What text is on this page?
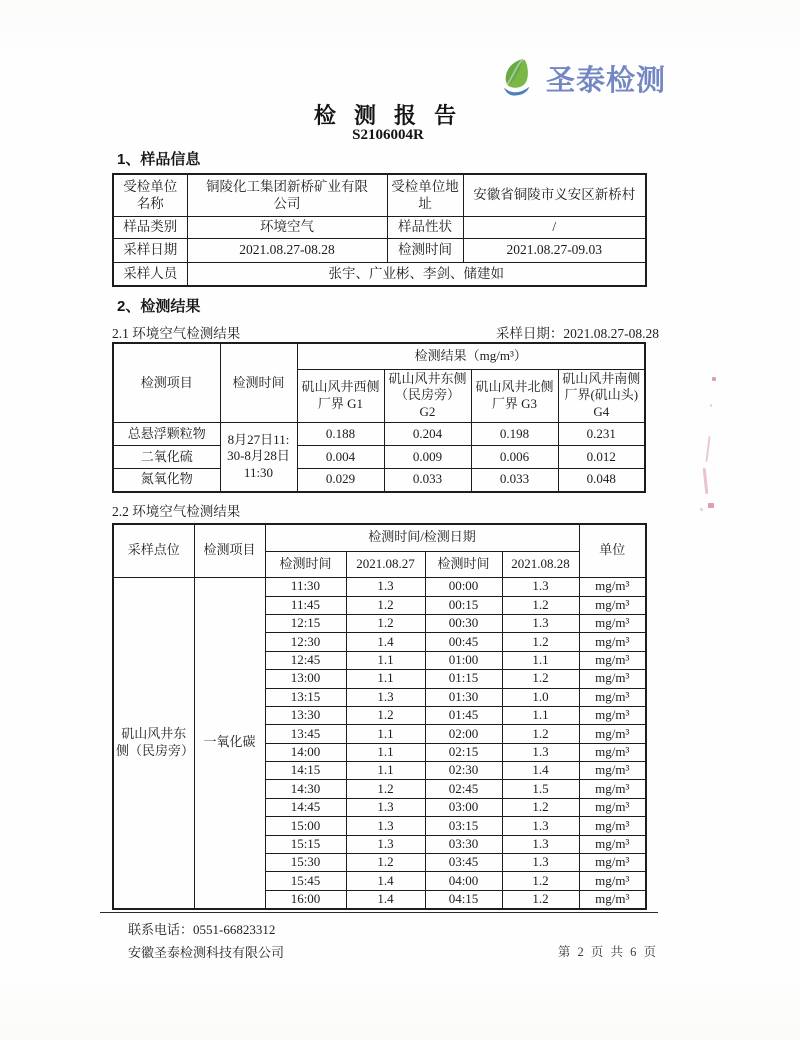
圣泰检测
检 测 报 告
S2106004R
1、样品信息
受检单位名称	铜陵化工集团新桥矿业有限公司	受检单位地址	安徽省铜陵市义安区新桥村
样品类别	环境空气	样品性状	/
采样日期	2021.08.27-08.28	检测时间	2021.08.27-09.03
采样人员	张宇、广业彬、李剑、储建如		
2、检测结果
2.1 环境空气检测结果	采样日期：2021.08.27-08.28
检测项目	检测时间	检测结果（mg/m³）			
		矶山风井西侧厂界 G1	矶山风井东侧（民房旁）G2	矶山风井北侧厂界 G3	矶山风井南侧厂界(矶山头) G4
总悬浮颗粒物	8月27日11:30-8月28日11:30	0.188	0.204	0.198	0.231
二氧化硫		0.004	0.009	0.006	0.012
氮氧化物		0.029	0.033	0.033	0.048
2.2 环境空气检测结果
采样点位	检测项目	检测时间/检测日期				单位
		检测时间	2021.08.27	检测时间	2021.08.28	
矶山风井东侧（民房旁）	一氧化碳	11:30	1.3	00:00	1.3	mg/m³
		11:45	1.2	00:15	1.2	mg/m³
		12:15	1.2	00:30	1.3	mg/m³
		12:30	1.4	00:45	1.2	mg/m³
		12:45	1.1	01:00	1.1	mg/m³
		13:00	1.1	01:15	1.2	mg/m³
		13:15	1.3	01:30	1.0	mg/m³
		13:30	1.2	01:45	1.1	mg/m³
		13:45	1.1	02:00	1.2	mg/m³
		14:00	1.1	02:15	1.3	mg/m³
		14:15	1.1	02:30	1.4	mg/m³
		14:30	1.2	02:45	1.5	mg/m³
		14:45	1.3	03:00	1.2	mg/m³
		15:00	1.3	03:15	1.3	mg/m³
		15:15	1.3	03:30	1.3	mg/m³
		15:30	1.2	03:45	1.3	mg/m³
		15:45	1.4	04:00	1.2	mg/m³
		16:00	1.4	04:15	1.2	mg/m³
联系电话：0551-66823312
安徽圣泰检测科技有限公司	第 2 页 共 6 页
